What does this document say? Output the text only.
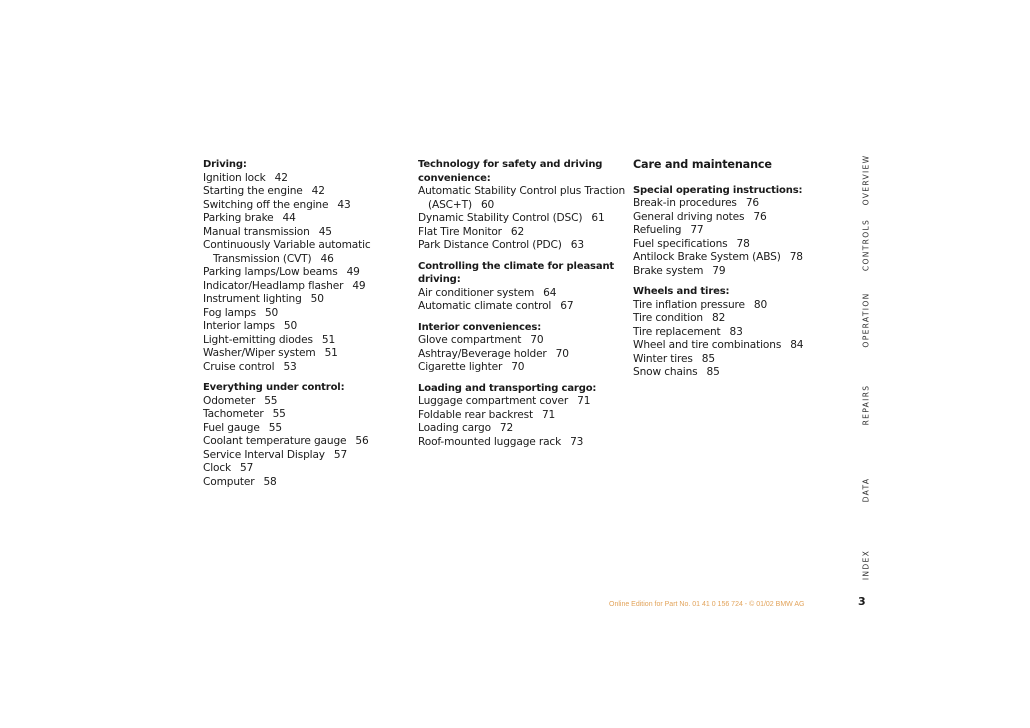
Driving:
Ignition lock 42
Starting the engine 42
Switching off the engine 43
Parking brake 44
Manual transmission 45
Continuously Variable automatic Transmission (CVT) 46
Parking lamps/Low beams 49
Indicator/Headlamp flasher 49
Instrument lighting 50
Fog lamps 50
Interior lamps 50
Light-emitting diodes 51
Washer/Wiper system 51
Cruise control 53
Everything under control:
Odometer 55
Tachometer 55
Fuel gauge 55
Coolant temperature gauge 56
Service Interval Display 57
Clock 57
Computer 58
Technology for safety and driving convenience:
Automatic Stability Control plus Traction (ASC+T) 60
Dynamic Stability Control (DSC) 61
Flat Tire Monitor 62
Park Distance Control (PDC) 63
Controlling the climate for pleasant driving:
Air conditioner system 64
Automatic climate control 67
Interior conveniences:
Glove compartment 70
Ashtray/Beverage holder 70
Cigarette lighter 70
Loading and transporting cargo:
Luggage compartment cover 71
Foldable rear backrest 71
Loading cargo 72
Roof-mounted luggage rack 73
Care and maintenance
Special operating instructions:
Break-in procedures 76
General driving notes 76
Refueling 77
Fuel specifications 78
Antilock Brake System (ABS) 78
Brake system 79
Wheels and tires:
Tire inflation pressure 80
Tire condition 82
Tire replacement 83
Wheel and tire combinations 84
Winter tires 85
Snow chains 85
OVERVIEW
CONTROLS
OPERATION
REPAIRS
DATA
INDEX
Online Edition for Part No. 01 41 0 156 724 - © 01/02 BMW AG	3
